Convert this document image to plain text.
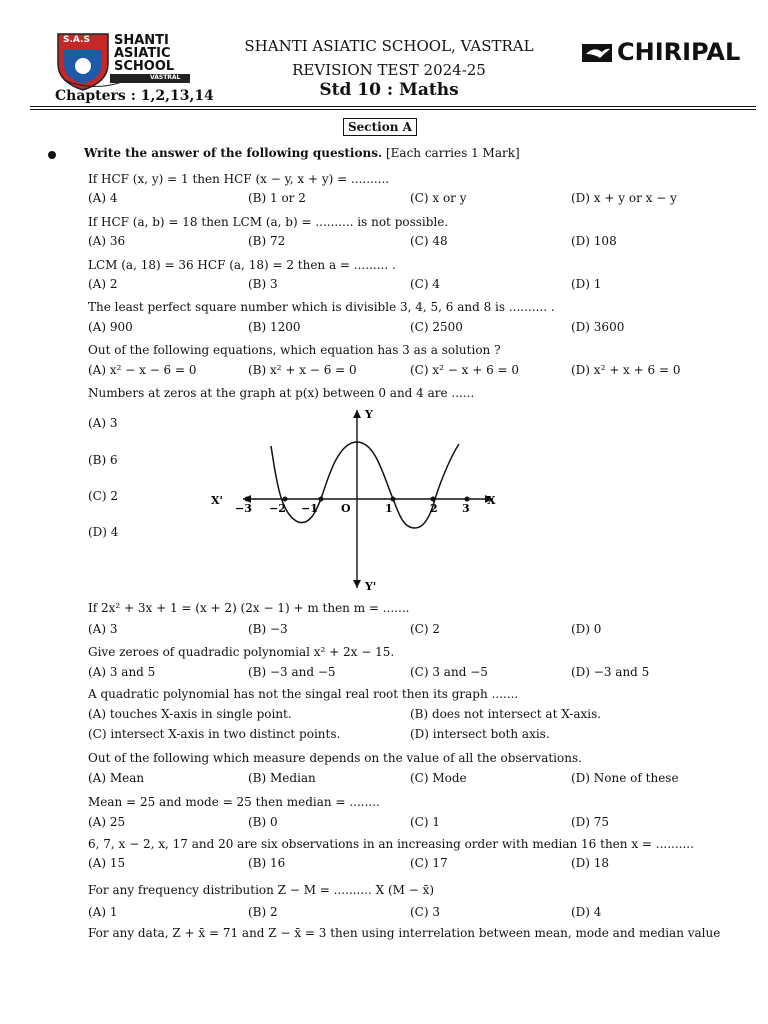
S.A.S SHANTI
ASIATIC
SCHOOL
VASTRAL
Chapters : 1,2,13,14
SHANTI ASIATIC SCHOOL, VASTRAL
REVISION TEST 2024-25
Std 10 : Maths
CHIRIPAL
Section A
Write the answer of the following questions. [Each carries 1 Mark]
If HCF (x, y) = 1 then HCF (x − y, x + y) = ..........
(A) 4	(B) 1 or 2	(C) x or y	(D) x + y or x − y
If HCF (a, b) = 18 then LCM (a, b) = .......... is not possible.
(A) 36	(B) 72	(C) 48	(D) 108
LCM (a, 18) = 36 HCF (a, 18) = 2 then a = ......... .
(A) 2	(B) 3	(C) 4	(D) 1
The least perfect square number which is divisible 3, 4, 5, 6 and 8 is .......... .
(A) 900	(B) 1200	(C) 2500	(D) 3600
Out of the following equations, which equation has 3 as a solution ?
(A) x² − x − 6 = 0	(B) x² + x − 6 = 0	(C) x² − x + 6 = 0	(D) x² + x + 6 = 0
Numbers at zeros at the graph at p(x) between 0 and 4 are ......
(A) 3
(B) 6
(C) 2
(D) 4
Y
Y'
X
X'
O
−3 −2 −1	1	2 3
If 2x² + 3x + 1 = (x + 2) (2x − 1) + m then m = .......
(A) 3	(B) −3	(C) 2	(D) 0
Give zeroes of quadradic polynomial x² + 2x − 15.
(A) 3 and 5	(B) −3 and −5	(C) 3 and −5	(D) −3 and 5
A quadratic polynomial has not the singal real root then its graph .......
(A) touches X-axis in single point.	(B) does not intersect at X-axis.
(C) intersect X-axis in two distinct points.	(D) intersect both axis.
Out of the following which measure depends on the value of all the observations.
(A) Mean	(B) Median	(C) Mode	(D) None of these
Mean = 25 and mode = 25 then median = ........
(A) 25	(B) 0	(C) 1	(D) 75
6, 7, x − 2, x, 17 and 20 are six observations in an increasing order with median 16 then x = ..........
(A) 15	(B) 16	(C) 17	(D) 18
For any frequency distribution Z − M = .......... X (M − x̄)
(A) 1	(B) 2	(C) 3	(D) 4
For any data, Z + x̄ = 71 and Z − x̄ = 3 then using interrelation between mean, mode and median value
